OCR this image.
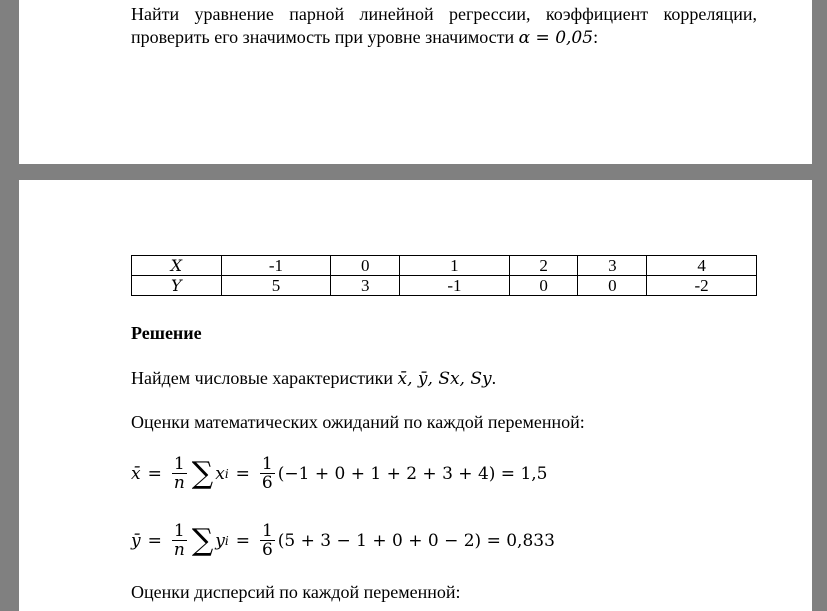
Найти уравнение парной линейной регрессии, коэффициент корреляции,
проверить его значимость при уровне значимости α = 0,05:
X	-1	0	1	2	3	4
Y	5	3	-1	0	0	-2
Решение
Найдем числовые характеристики x̄, ȳ, Sx, Sy.
Оценки математических ожиданий по каждой переменной:
x̄ = $\frac{1}{n}$ ∑ x $i = \frac{1}{6} (-1 + 0 + 1 + 2 + 3 + 4) = 1,5$
ȳ = $\frac{1}{n}$ ∑ y $i = \frac{1}{6} (5 + 3 - 1 + 0 + 0 - 2) = 0,833$
Оценки дисперсий по каждой переменной:
